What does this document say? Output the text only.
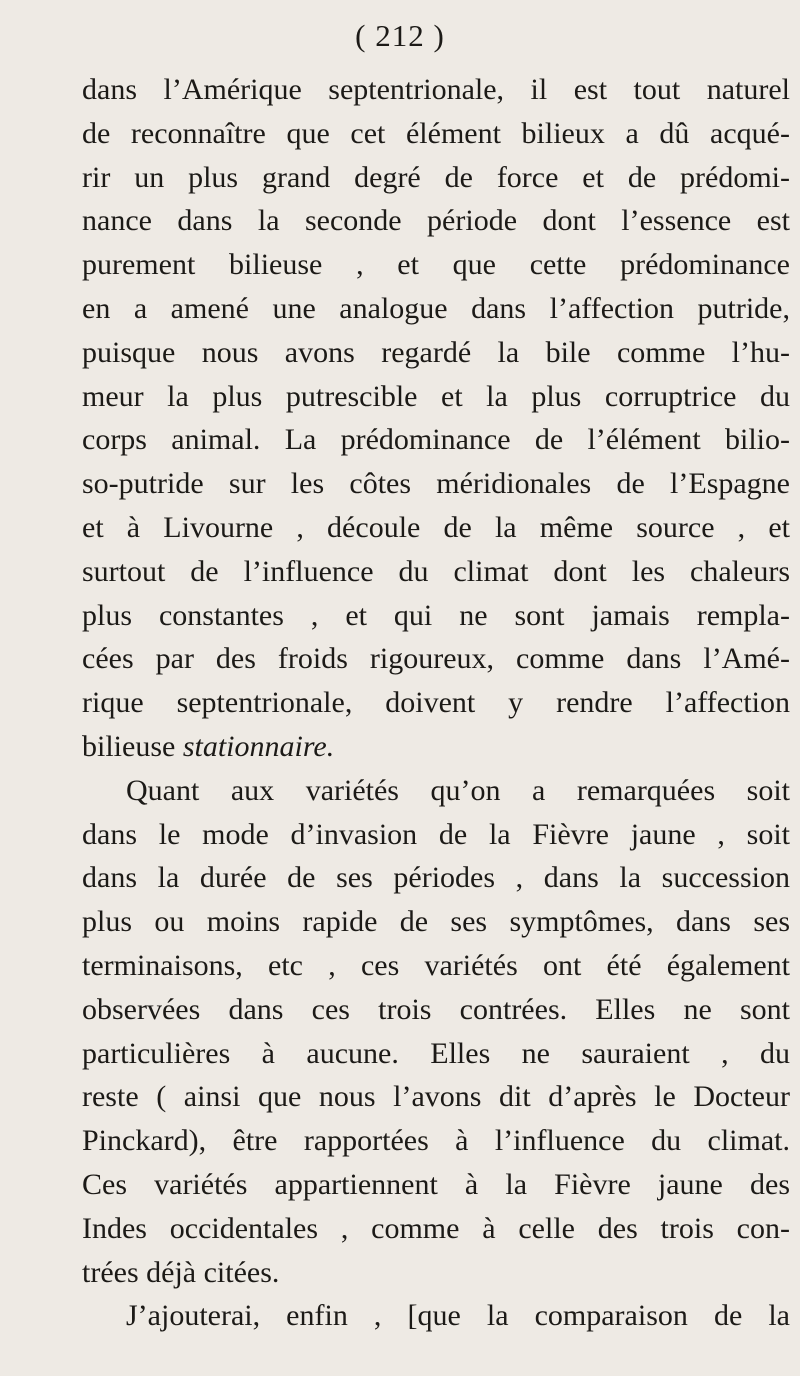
( 212 )
dans l’Amérique septentrionale, il est tout naturel
de reconnaître que cet élément bilieux a dû acqué-
rir un plus grand degré de force et de prédomi-
nance dans la seconde période dont l’essence est
purement bilieuse , et que cette prédominance
en a amené une analogue dans l’affection putride,
puisque nous avons regardé la bile comme l’hu-
meur la plus putrescible et la plus corruptrice du
corps animal. La prédominance de l’élément bilio-
so-putride sur les côtes méridionales de l’Espagne
et à Livourne , découle de la même source , et
surtout de l’influence du climat dont les chaleurs
plus constantes , et qui ne sont jamais rempla-
cées par des froids rigoureux, comme dans l’Amé-
rique septentrionale, doivent y rendre l’affection
bilieuse stationnaire.
Quant aux variétés qu’on a remarquées soit
dans le mode d’invasion de la Fièvre jaune , soit
dans la durée de ses périodes , dans la succession
plus ou moins rapide de ses symptômes, dans ses
terminaisons, etc , ces variétés ont été également
observées dans ces trois contrées. Elles ne sont
particulières à aucune. Elles ne sauraient , du
reste ( ainsi que nous l’avons dit d’après le Docteur
Pinckard), être rapportées à l’influence du climat.
Ces variétés appartiennent à la Fièvre jaune des
Indes occidentales , comme à celle des trois con-
trées déjà citées.
J’ajouterai, enfin , [que la comparaison de la
